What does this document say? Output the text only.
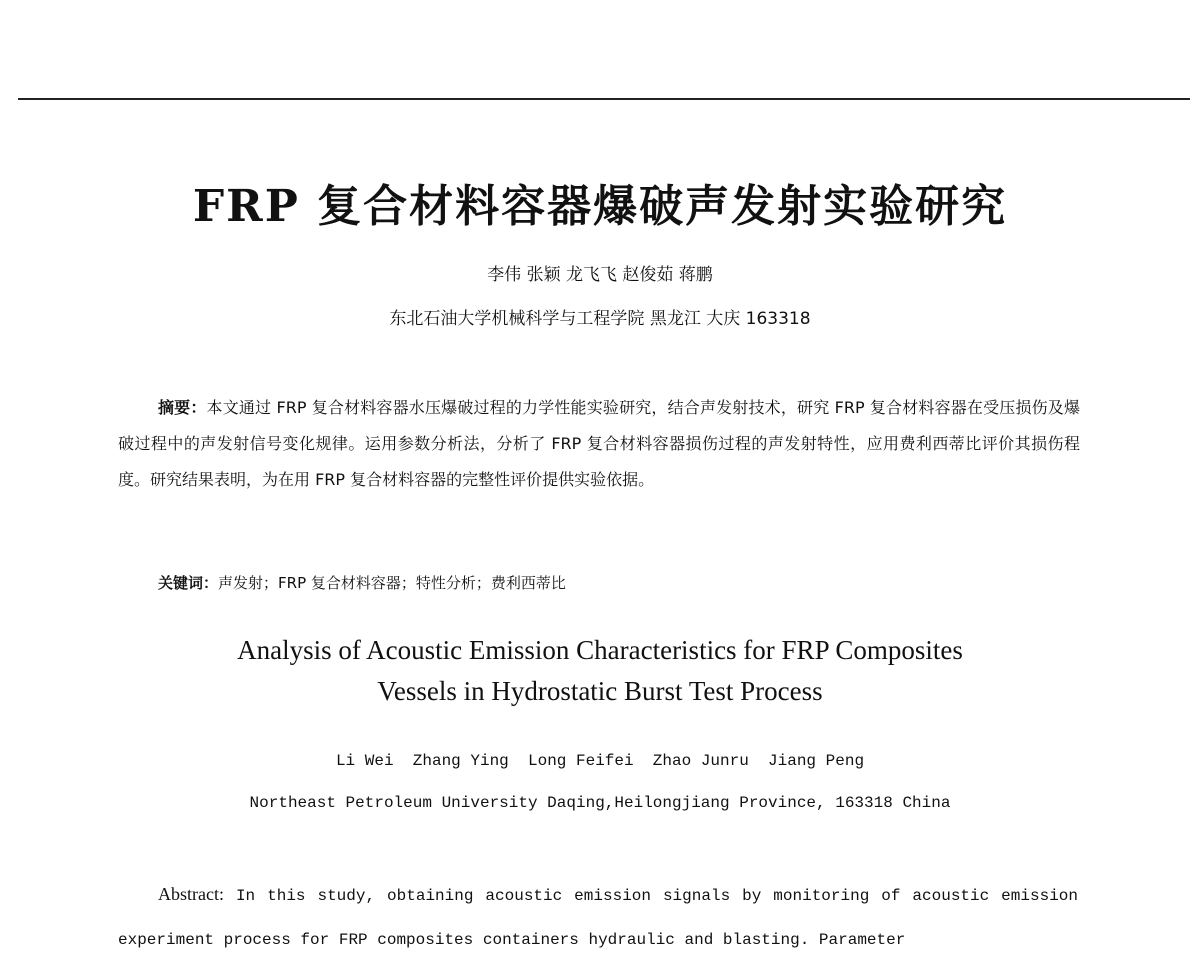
FRP 复合材料容器爆破声发射实验研究
李伟 张颖 龙飞飞 赵俊茹 蒋鹏
东北石油大学机械科学与工程学院 黑龙江 大庆 163318
摘要：本文通过 FRP 复合材料容器水压爆破过程的力学性能实验研究，结合声发射技术，研究 FRP 复合材料容器在受压损伤及爆破过程中的声发射信号变化规律。运用参数分析法，分析了 FRP 复合材料容器损伤过程的声发射特性，应用费利西蒂比评价其损伤程度。研究结果表明，为在用 FRP 复合材料容器的完整性评价提供实验依据。
关键词：声发射；FRP 复合材料容器；特性分析；费利西蒂比
Analysis of Acoustic Emission Characteristics for FRP Composites
Vessels in Hydrostatic Burst Test Process
Li Wei  Zhang Ying  Long Feifei  Zhao Junru  Jiang Peng
Northeast Petroleum University Daqing,Heilongjiang Province, 163318 China
Abstract: In this study, obtaining acoustic emission signals by monitoring of acoustic emission experiment process for FRP composites containers hydraulic and blasting. Parameter
